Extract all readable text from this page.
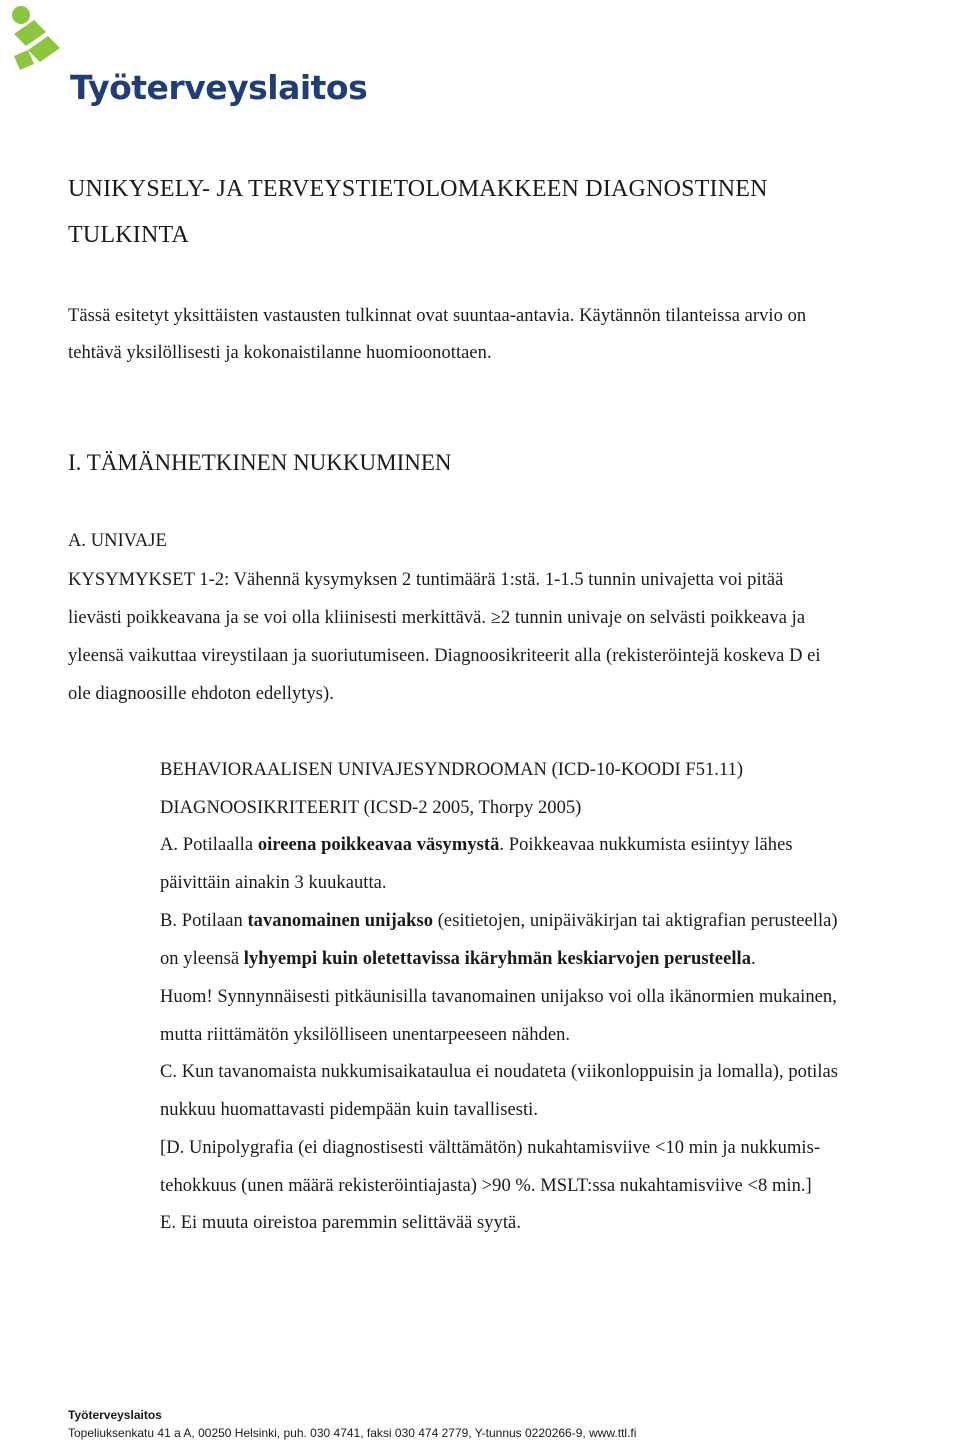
Työterveyslaitos
UNIKYSELY- JA TERVEYSTIETOLOMAKKEEN DIAGNOSTINEN
TULKINTA
Tässä esitetyt yksittäisten vastausten tulkinnat ovat suuntaa-antavia. Käytännön tilanteissa arvio on
tehtävä yksilöllisesti ja kokonaistilanne huomioonottaen.
I. TÄMÄNHETKINEN NUKKUMINEN
A. UNIVAJE
KYSYMYKSET 1-2: Vähennä kysymyksen 2 tuntimäärä 1:stä. 1-1.5 tunnin univajetta voi pitää
lievästi poikkeavana ja se voi olla kliinisesti merkittävä. ≥2 tunnin univaje on selvästi poikkeava ja
yleensä vaikuttaa vireystilaan ja suoriutumiseen. Diagnoosikriteerit alla (rekisteröintejä koskeva D ei
ole diagnoosille ehdoton edellytys).
BEHAVIORAALISEN UNIVAJESYNDROOMAN (ICD-10-KOODI F51.11)
DIAGNOOSIKRITEERIT (ICSD-2 2005, Thorpy 2005)
A. Potilaalla oireena poikkeavaa väsymystä. Poikkeavaa nukkumista esiintyy lähes
päivittäin ainakin 3 kuukautta.
B. Potilaan tavanomainen unijakso (esitietojen, unipäiväkirjan tai aktigrafian perusteella)
on yleensä lyhyempi kuin oletettavissa ikäryhmän keskiarvojen perusteella.
Huom! Synnynnäisesti pitkäunisilla tavanomainen unijakso voi olla ikänormien mukainen,
mutta riittämätön yksilölliseen unentarpeeseen nähden.
C. Kun tavanomaista nukkumisaikataulua ei noudateta (viikonloppuisin ja lomalla), potilas
nukkuu huomattavasti pidempään kuin tavallisesti.
[D. Unipolygrafia (ei diagnostisesti välttämätön) nukahtamisviive <10 min ja nukkumis-
tehokkuus (unen määrä rekisteröintiajasta) >90 %. MSLT:ssa nukahtamisviive <8 min.]
E. Ei muuta oireistoa paremmin selittävää syytä.
Työterveyslaitos
Topeliuksenkatu 41 a A, 00250 Helsinki, puh. 030 4741, faksi 030 474 2779, Y-tunnus 0220266-9, www.ttl.fi
